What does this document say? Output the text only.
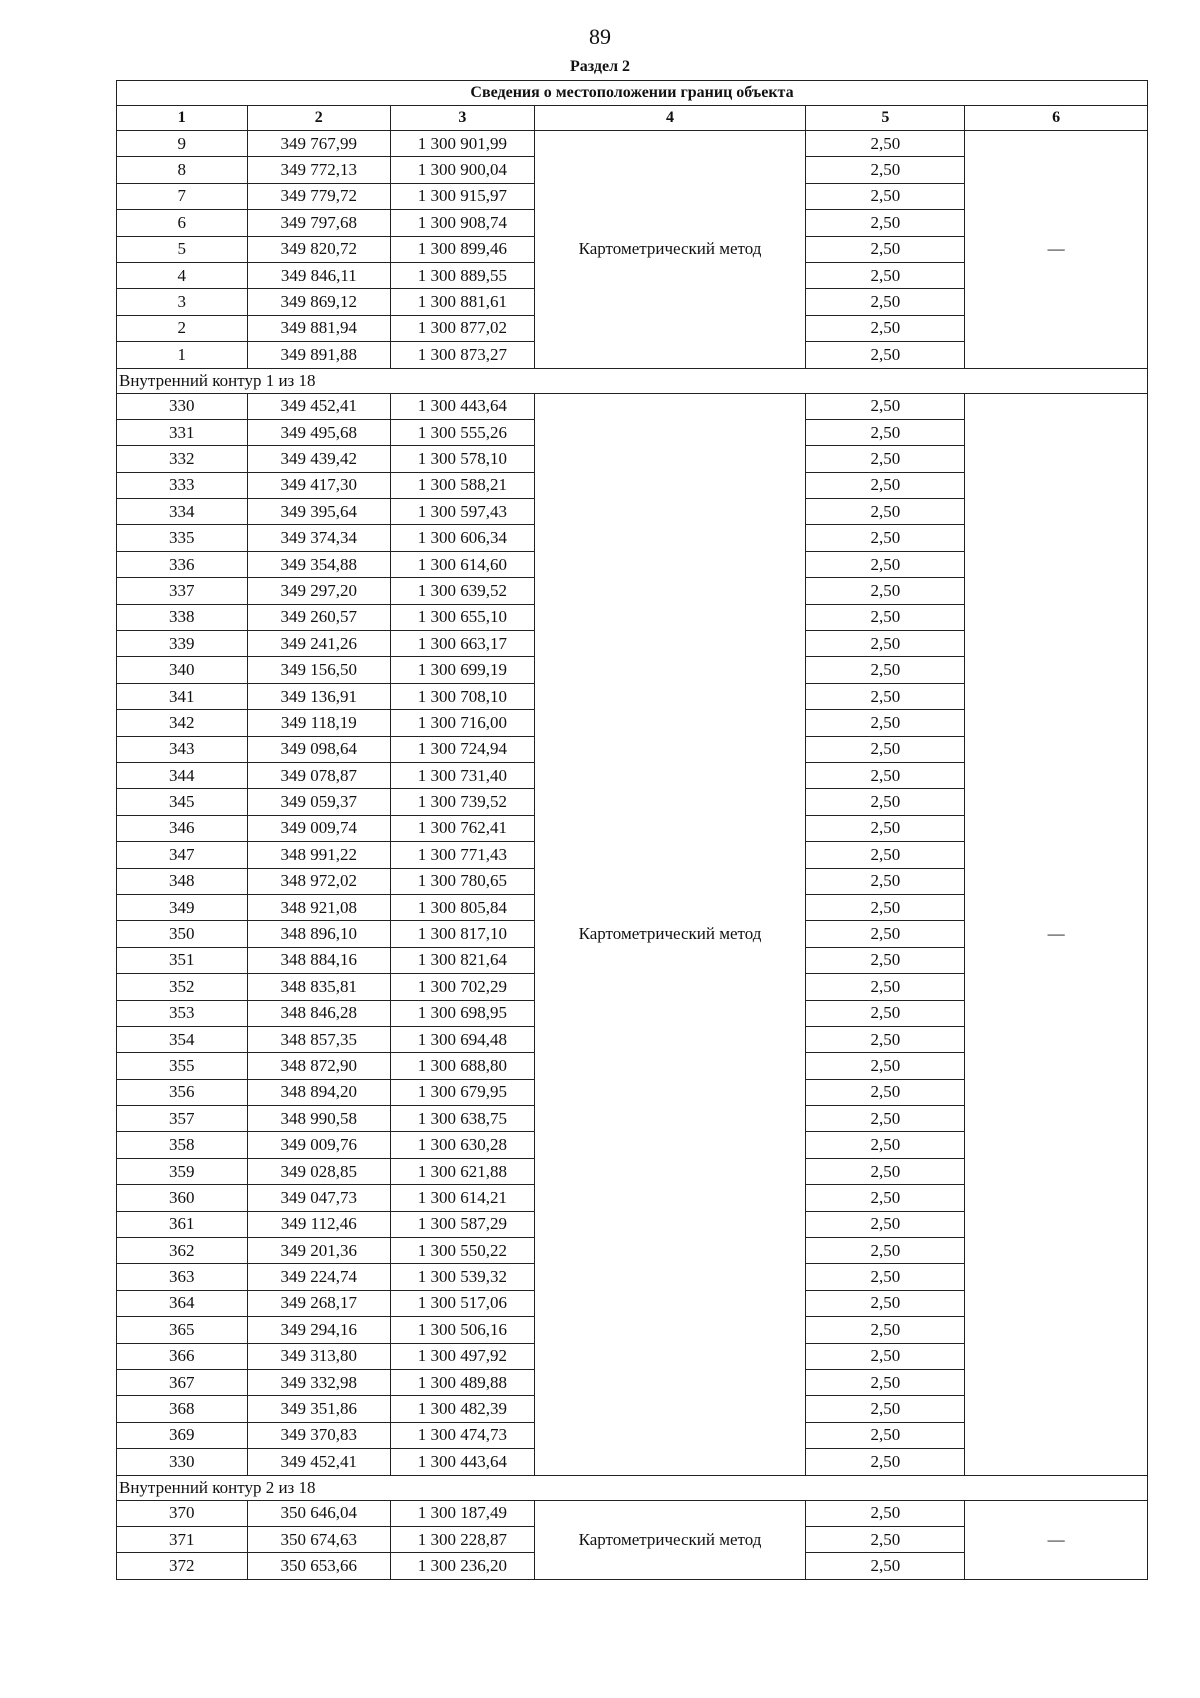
89
Раздел 2
Сведения о местоположении границ объекта					
1	2	3	4	5	6
9	349 767,99	1 300 901,99	Картометрический метод	2,50	—
8	349 772,13	1 300 900,04		2,50	
7	349 779,72	1 300 915,97		2,50	
6	349 797,68	1 300 908,74		2,50	
5	349 820,72	1 300 899,46		2,50	
4	349 846,11	1 300 889,55		2,50	
3	349 869,12	1 300 881,61		2,50	
2	349 881,94	1 300 877,02		2,50	
1	349 891,88	1 300 873,27		2,50	
Внутренний контур 1 из 18					
330	349 452,41	1 300 443,64	Картометрический метод	2,50	—
331	349 495,68	1 300 555,26		2,50	
332	349 439,42	1 300 578,10		2,50	
333	349 417,30	1 300 588,21		2,50	
334	349 395,64	1 300 597,43		2,50	
335	349 374,34	1 300 606,34		2,50	
336	349 354,88	1 300 614,60		2,50	
337	349 297,20	1 300 639,52		2,50	
338	349 260,57	1 300 655,10		2,50	
339	349 241,26	1 300 663,17		2,50	
340	349 156,50	1 300 699,19		2,50	
341	349 136,91	1 300 708,10		2,50	
342	349 118,19	1 300 716,00		2,50	
343	349 098,64	1 300 724,94		2,50	
344	349 078,87	1 300 731,40		2,50	
345	349 059,37	1 300 739,52		2,50	
346	349 009,74	1 300 762,41		2,50	
347	348 991,22	1 300 771,43		2,50	
348	348 972,02	1 300 780,65		2,50	
349	348 921,08	1 300 805,84		2,50	
350	348 896,10	1 300 817,10		2,50	
351	348 884,16	1 300 821,64		2,50	
352	348 835,81	1 300 702,29		2,50	
353	348 846,28	1 300 698,95		2,50	
354	348 857,35	1 300 694,48		2,50	
355	348 872,90	1 300 688,80		2,50	
356	348 894,20	1 300 679,95		2,50	
357	348 990,58	1 300 638,75		2,50	
358	349 009,76	1 300 630,28		2,50	
359	349 028,85	1 300 621,88		2,50	
360	349 047,73	1 300 614,21		2,50	
361	349 112,46	1 300 587,29		2,50	
362	349 201,36	1 300 550,22		2,50	
363	349 224,74	1 300 539,32		2,50	
364	349 268,17	1 300 517,06		2,50	
365	349 294,16	1 300 506,16		2,50	
366	349 313,80	1 300 497,92		2,50	
367	349 332,98	1 300 489,88		2,50	
368	349 351,86	1 300 482,39		2,50	
369	349 370,83	1 300 474,73		2,50	
330	349 452,41	1 300 443,64		2,50	
Внутренний контур 2 из 18					
370	350 646,04	1 300 187,49	Картометрический метод	2,50	—
371	350 674,63	1 300 228,87		2,50	
372	350 653,66	1 300 236,20		2,50	
